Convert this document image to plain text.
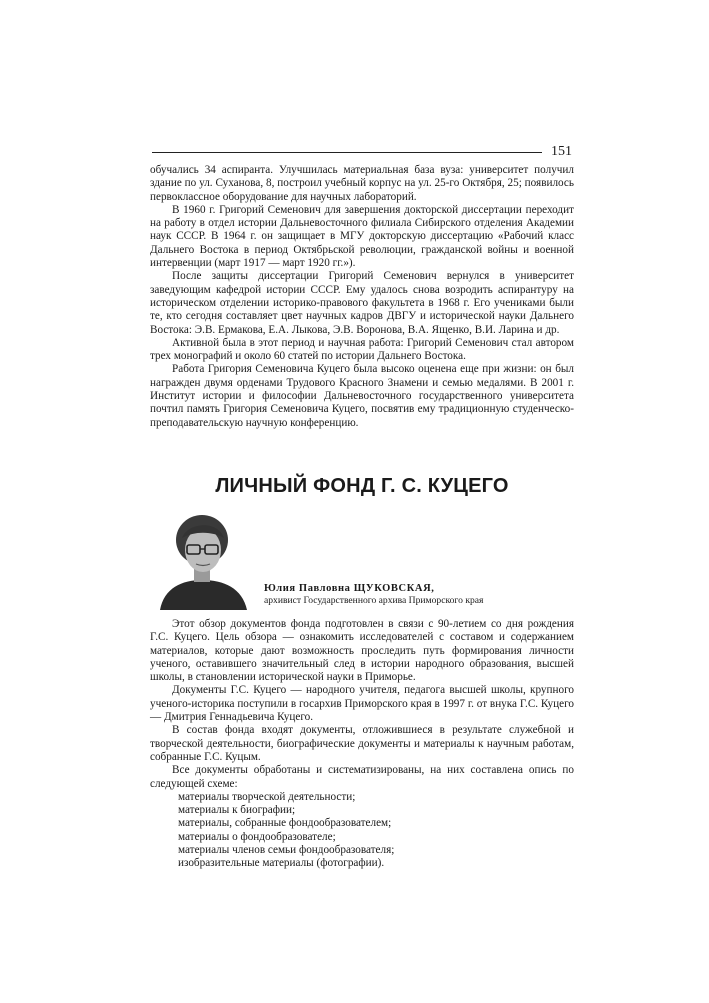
151

обучались 34 аспиранта. Улучшилась материальная база вуза: университет получил здание по ул. Суханова, 8, построил учебный корпус на ул. 25-го Октября, 25; появилось первоклассное оборудование для научных лабораторий.

В 1960 г. Григорий Семенович для завершения докторской диссертации переходит на работу в отдел истории Дальневосточного филиала Сибирского отделения Академии наук СССР. В 1964 г. он защищает в МГУ докторскую диссертацию «Рабочий класс Дальнего Востока в период Октябрьской революции, гражданской войны и военной интервенции (март 1917 — март 1920 гг.»).

После защиты диссертации Григорий Семенович вернулся в университет заведующим кафедрой истории СССР. Ему удалось снова возродить аспирантуру на историческом отделении историко-правового факультета в 1968 г. Его учениками были те, кто сегодня составляет цвет научных кадров ДВГУ и исторической науки Дальнего Востока: Э.В. Ермакова, Е.А. Лыкова, Э.В. Воронова, В.А. Ященко, В.И. Ларина и др.

Активной была в этот период и научная работа: Григорий Семенович стал автором трех монографий и около 60 статей по истории Дальнего Востока.

Работа Григория Семеновича Куцего была высоко оценена еще при жизни: он был награжден двумя орденами Трудового Красного Знамени и семью медалями. В 2001 г. Институт истории и философии Дальневосточного государственного университета почтил память Григория Семеновича Куцего, посвятив ему традиционную студенческо-преподавательскую научную конференцию.

ЛИЧНЫЙ ФОНД Г. С. КУЦЕГО
Юлия Павловна ЩУКОВСКАЯ,
архивист Государственного архива Приморского края

Этот обзор документов фонда подготовлен в связи с 90-летием со дня рождения Г.С. Куцего. Цель обзора — ознакомить исследователей с составом и содержанием материалов, которые дают возможность проследить путь формирования личности ученого, оставившего значительный след в истории народного образования, высшей школы, в становлении исторической науки в Приморье.

Документы Г.С. Куцего — народного учителя, педагога высшей школы, крупного ученого-историка поступили в госархив Приморского края в 1997 г. от внука Г.С. Куцего — Дмитрия Геннадьевича Куцего.

В состав фонда входят документы, отложившиеся в результате служебной и творческой деятельности, биографические документы и материалы к научным работам, собранные Г.С. Куцым.

Все документы обработаны и систематизированы, на них составлена опись по следующей схеме:

материалы творческой деятельности;
материалы к биографии;
материалы, собранные фондообразователем;
материалы о фондообразователе;
материалы членов семьи фондообразователя;
изобразительные материалы (фотографии).
